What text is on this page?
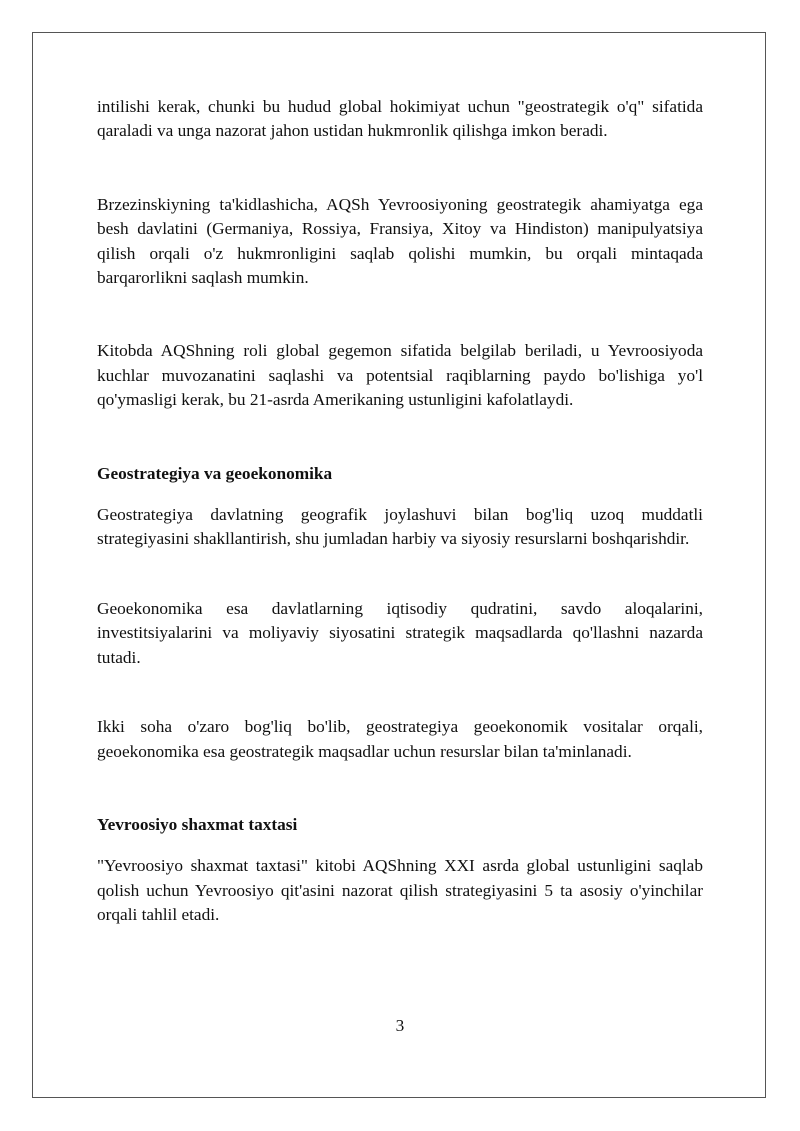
intilishi kerak, chunki bu hudud global hokimiyat uchun "geostrategik o'q" sifatida qaraladi va unga nazorat jahon ustidan hukmronlik qilishga imkon beradi.

Brzezinskiyning ta'kidlashicha, AQSh Yevroosiyoning geostrategik ahamiyatga ega besh davlatini (Germaniya, Rossiya, Fransiya, Xitoy va Hindiston) manipulyatsiya qilish orqali o'z hukmronligini saqlab qolishi mumkin, bu orqali mintaqada barqarorlikni saqlash mumkin.

Kitobda AQShning roli global gegemon sifatida belgilab beriladi, u Yevroosiyoda kuchlar muvozanatini saqlashi va potentsial raqiblarning paydo bo'lishiga yo'l qo'ymasligi kerak, bu 21-asrda Amerikaning ustunligini kafolatlaydi.

Geostrategiya va geoekonomika

Geostrategiya davlatning geografik joylashuvi bilan bog'liq uzoq muddatli strategiyasini shakllantirish, shu jumladan harbiy va siyosiy resurslarni boshqarishdir.

Geoekonomika esa davlatlarning iqtisodiy qudratini, savdo aloqalarini, investitsiyalarini va moliyaviy siyosatini strategik maqsadlarda qo'llashni nazarda tutadi.

Ikki soha o'zaro bog'liq bo'lib, geostrategiya geoekonomik vositalar orqali, geoekonomika esa geostrategik maqsadlar uchun resurslar bilan ta'minlanadi.

Yevroosiyo shaxmat taxtasi

"Yevroosiyo shaxmat taxtasi" kitobi AQShning XXI asrda global ustunligini saqlab qolish uchun Yevroosiyo qit'asini nazorat qilish strategiyasini 5 ta asosiy o'yinchilar orqali tahlil etadi.

3
